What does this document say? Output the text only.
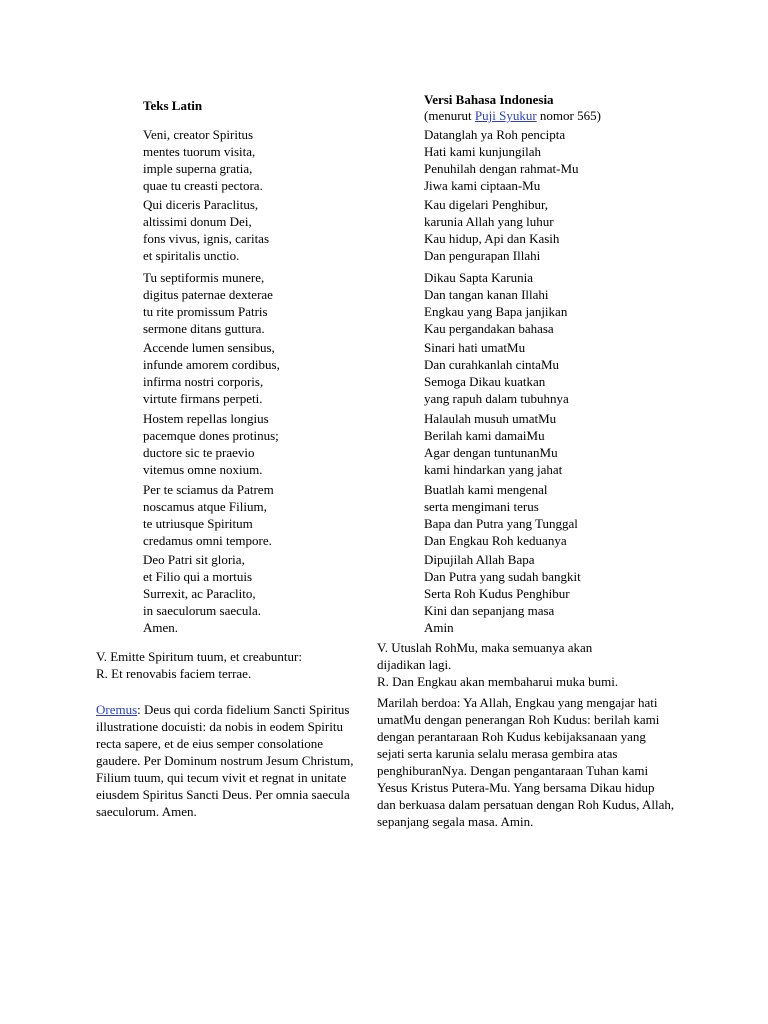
Teks Latin
Veni, creator Spiritus
mentes tuorum visita,
imple superna gratia,
quae tu creasti pectora.
Qui diceris Paraclitus,
altissimi donum Dei,
fons vivus, ignis, caritas
et spiritalis unctio.
Tu septiformis munere,
digitus paternae dexterae
tu rite promissum Patris
sermone ditans guttura.
Accende lumen sensibus,
infunde amorem cordibus,
infirma nostri corporis,
virtute firmans perpeti.
Hostem repellas longius
pacemque dones protinus;
ductore sic te praevio
vitemus omne noxium.
Per te sciamus da Patrem
noscamus atque Filium,
te utriusque Spiritum
credamus omni tempore.
Deo Patri sit gloria,
et Filio qui a mortuis
Surrexit, ac Paraclito,
in saeculorum saecula.
Amen.
V. Emitte Spiritum tuum, et creabuntur:
R. Et renovabis faciem terrae.
Oremus: Deus qui corda fidelium Sancti Spiritus illustratione docuisti: da nobis in eodem Spiritu recta sapere, et de eius semper consolatione gaudere. Per Dominum nostrum Jesum Christum, Filium tuum, qui tecum vivit et regnat in unitate eiusdem Spiritus Sancti Deus. Per omnia saecula saeculorum. Amen.
Versi Bahasa Indonesia
(menurut Puji Syukur nomor 565)
Datanglah ya Roh pencipta
Hati kami kunjungilah
Penuhilah dengan rahmat-Mu
Jiwa kami ciptaan-Mu
Kau digelari Penghibur,
karunia Allah yang luhur
Kau hidup, Api dan Kasih
Dan pengurapan Illahi
Dikau Sapta Karunia
Dan tangan kanan Illahi
Engkau yang Bapa janjikan
Kau pergandakan bahasa
Sinari hati umatMu
Dan curahkanlah cintaMu
Semoga Dikau kuatkan
yang rapuh dalam tubuhnya
Halaulah musuh umatMu
Berilah kami damaiMu
Agar dengan tuntunanMu
kami hindarkan yang jahat
Buatlah kami mengenal
serta mengimani terus
Bapa dan Putra yang Tunggal
Dan Engkau Roh keduanya
Dipujilah Allah Bapa
Dan Putra yang sudah bangkit
Serta Roh Kudus Penghibur
Kini dan sepanjang masa
Amin
V. Utuslah RohMu, maka semuanya akan
dijadikan lagi.
R. Dan Engkau akan membaharui muka bumi.
Marilah berdoa: Ya Allah, Engkau yang mengajar hati umatMu dengan penerangan Roh Kudus: berilah kami dengan perantaraan Roh Kudus kebijaksanaan yang sejati serta karunia selalu merasa gembira atas penghiburanNya. Dengan pengantaraan Tuhan kami Yesus Kristus Putera-Mu. Yang bersama Dikau hidup dan berkuasa dalam persatuan dengan Roh Kudus, Allah, sepanjang segala masa. Amin.
